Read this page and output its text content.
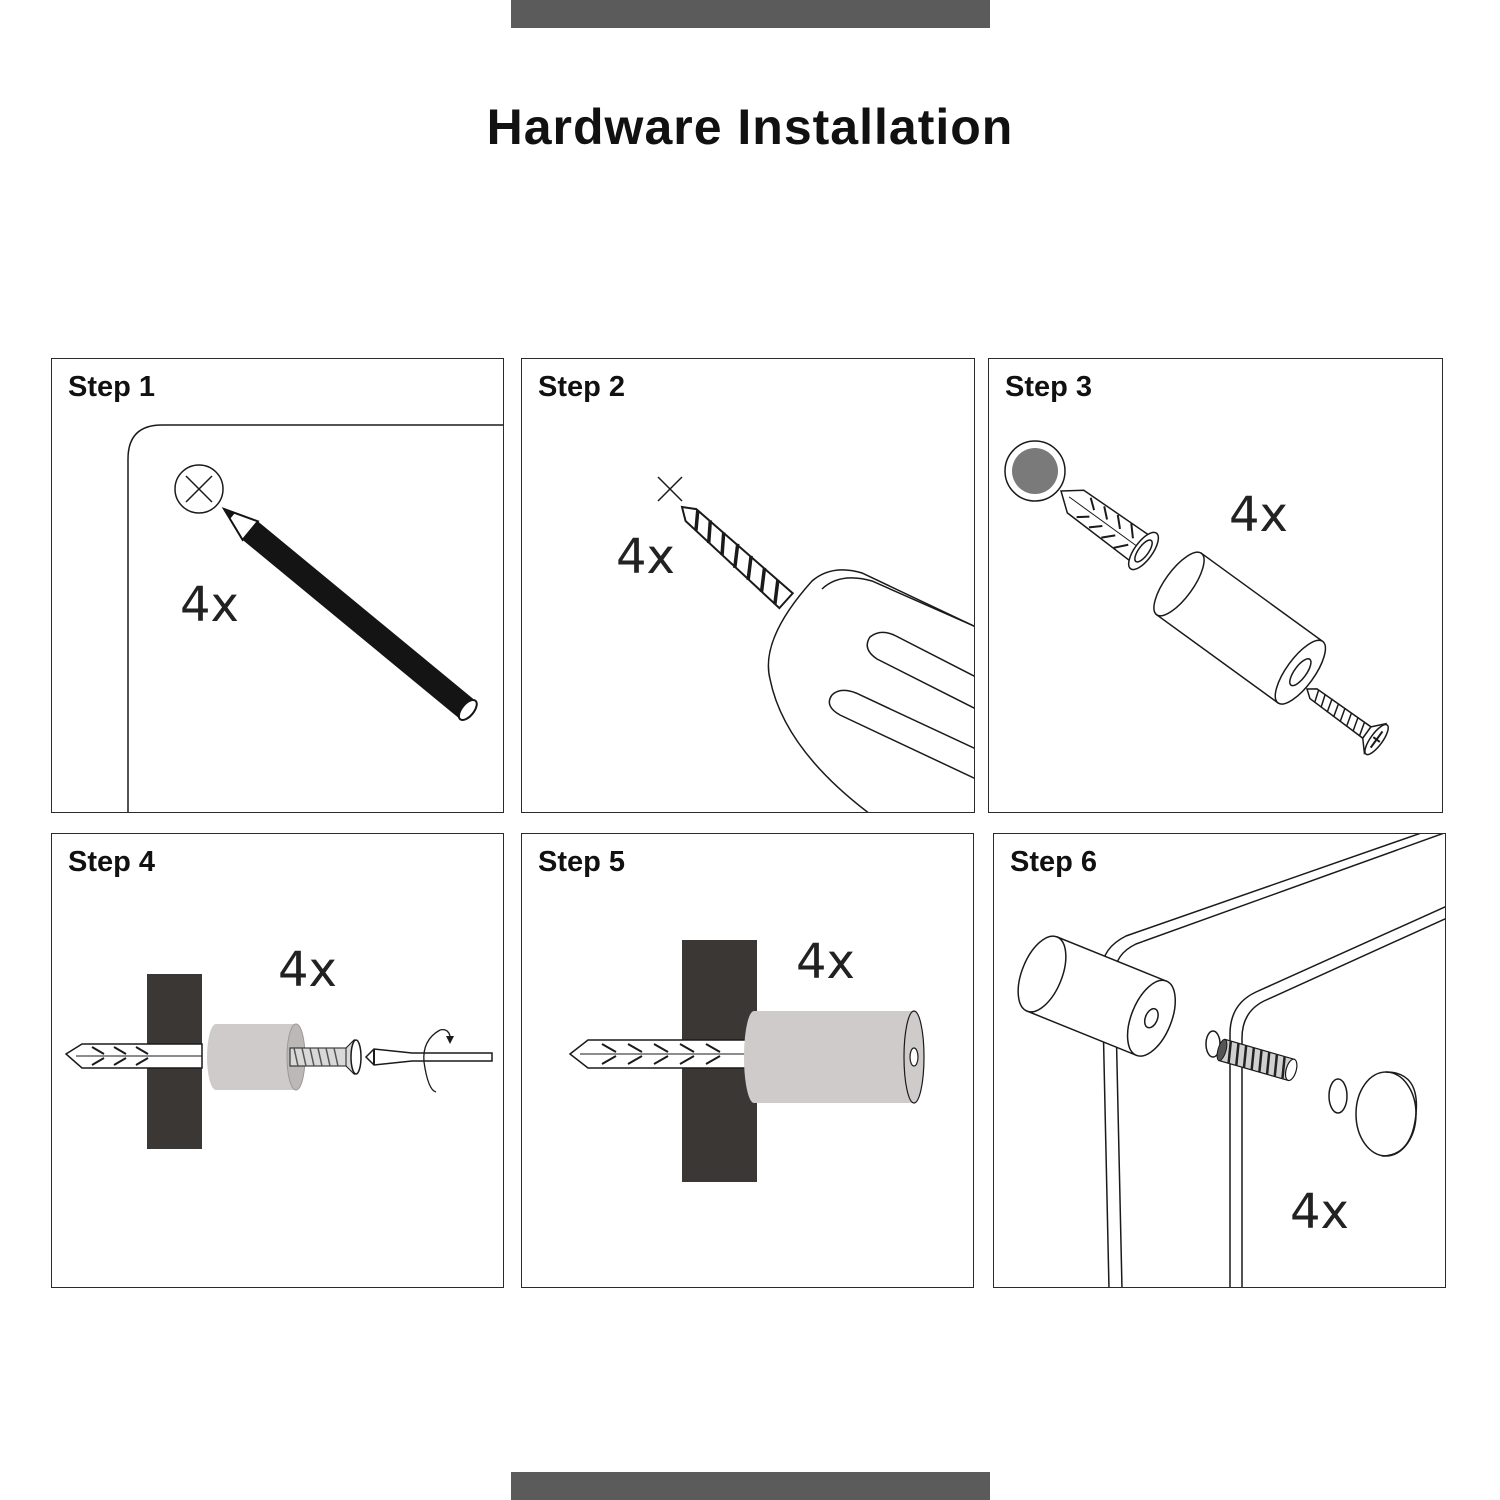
Hardware Installation
Step 1
4x
Step 2
4x
Step 3
4x
Step 4
4x
Step 5
4x
Step 6
4x
